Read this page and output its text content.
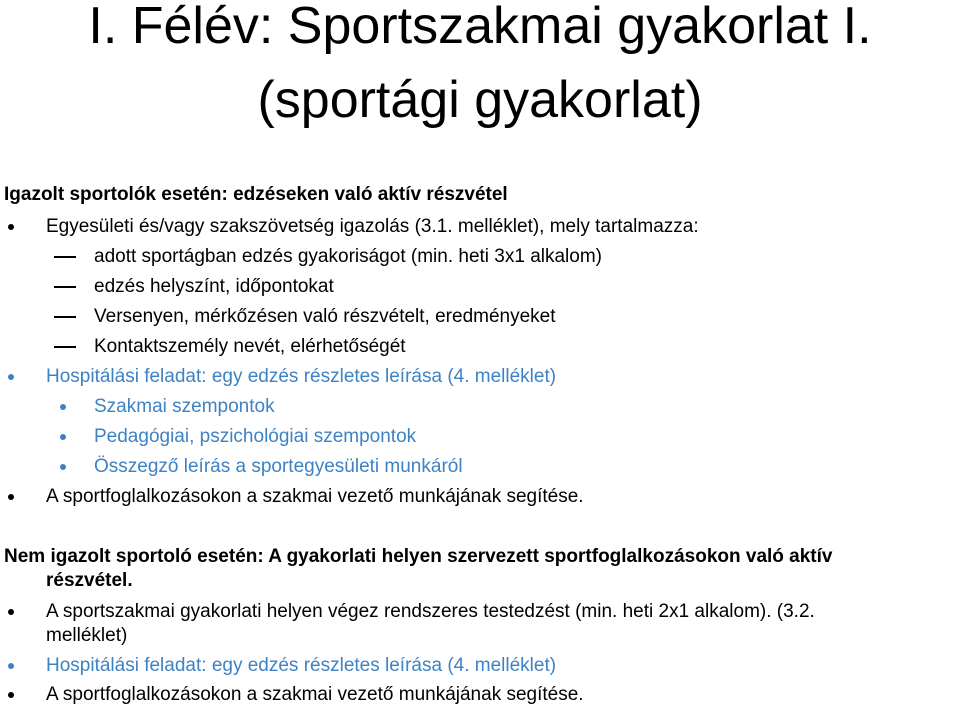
I. Félév: Sportszakmai gyakorlat I.
(sportági gyakorlat)
Igazolt sportolók esetén: edzéseken való aktív részvétel
Egyesületi és/vagy szakszövetség igazolás (3.1. melléklet), mely tartalmazza:
adott sportágban edzés gyakoriságot (min. heti 3x1 alkalom)
edzés helyszínt, időpontokat
Versenyen, mérkőzésen való részvételt, eredményeket
Kontaktszemély nevét, elérhetőségét
Hospitálási feladat: egy edzés részletes leírása (4. melléklet)
Szakmai szempontok
Pedagógiai, pszichológiai szempontok
Összegző leírás a sportegyesületi munkáról
A sportfoglalkozásokon a szakmai vezető munkájának segítése.
Nem igazolt sportoló esetén: A gyakorlati helyen szervezett sportfoglalkozásokon való aktív
részvétel.
A sportszakmai gyakorlati helyen végez rendszeres testedzést (min. heti 2x1 alkalom). (3.2.
melléklet)
Hospitálási feladat: egy edzés részletes leírása (4. melléklet)
A sportfoglalkozásokon a szakmai vezető munkájának segítése.
